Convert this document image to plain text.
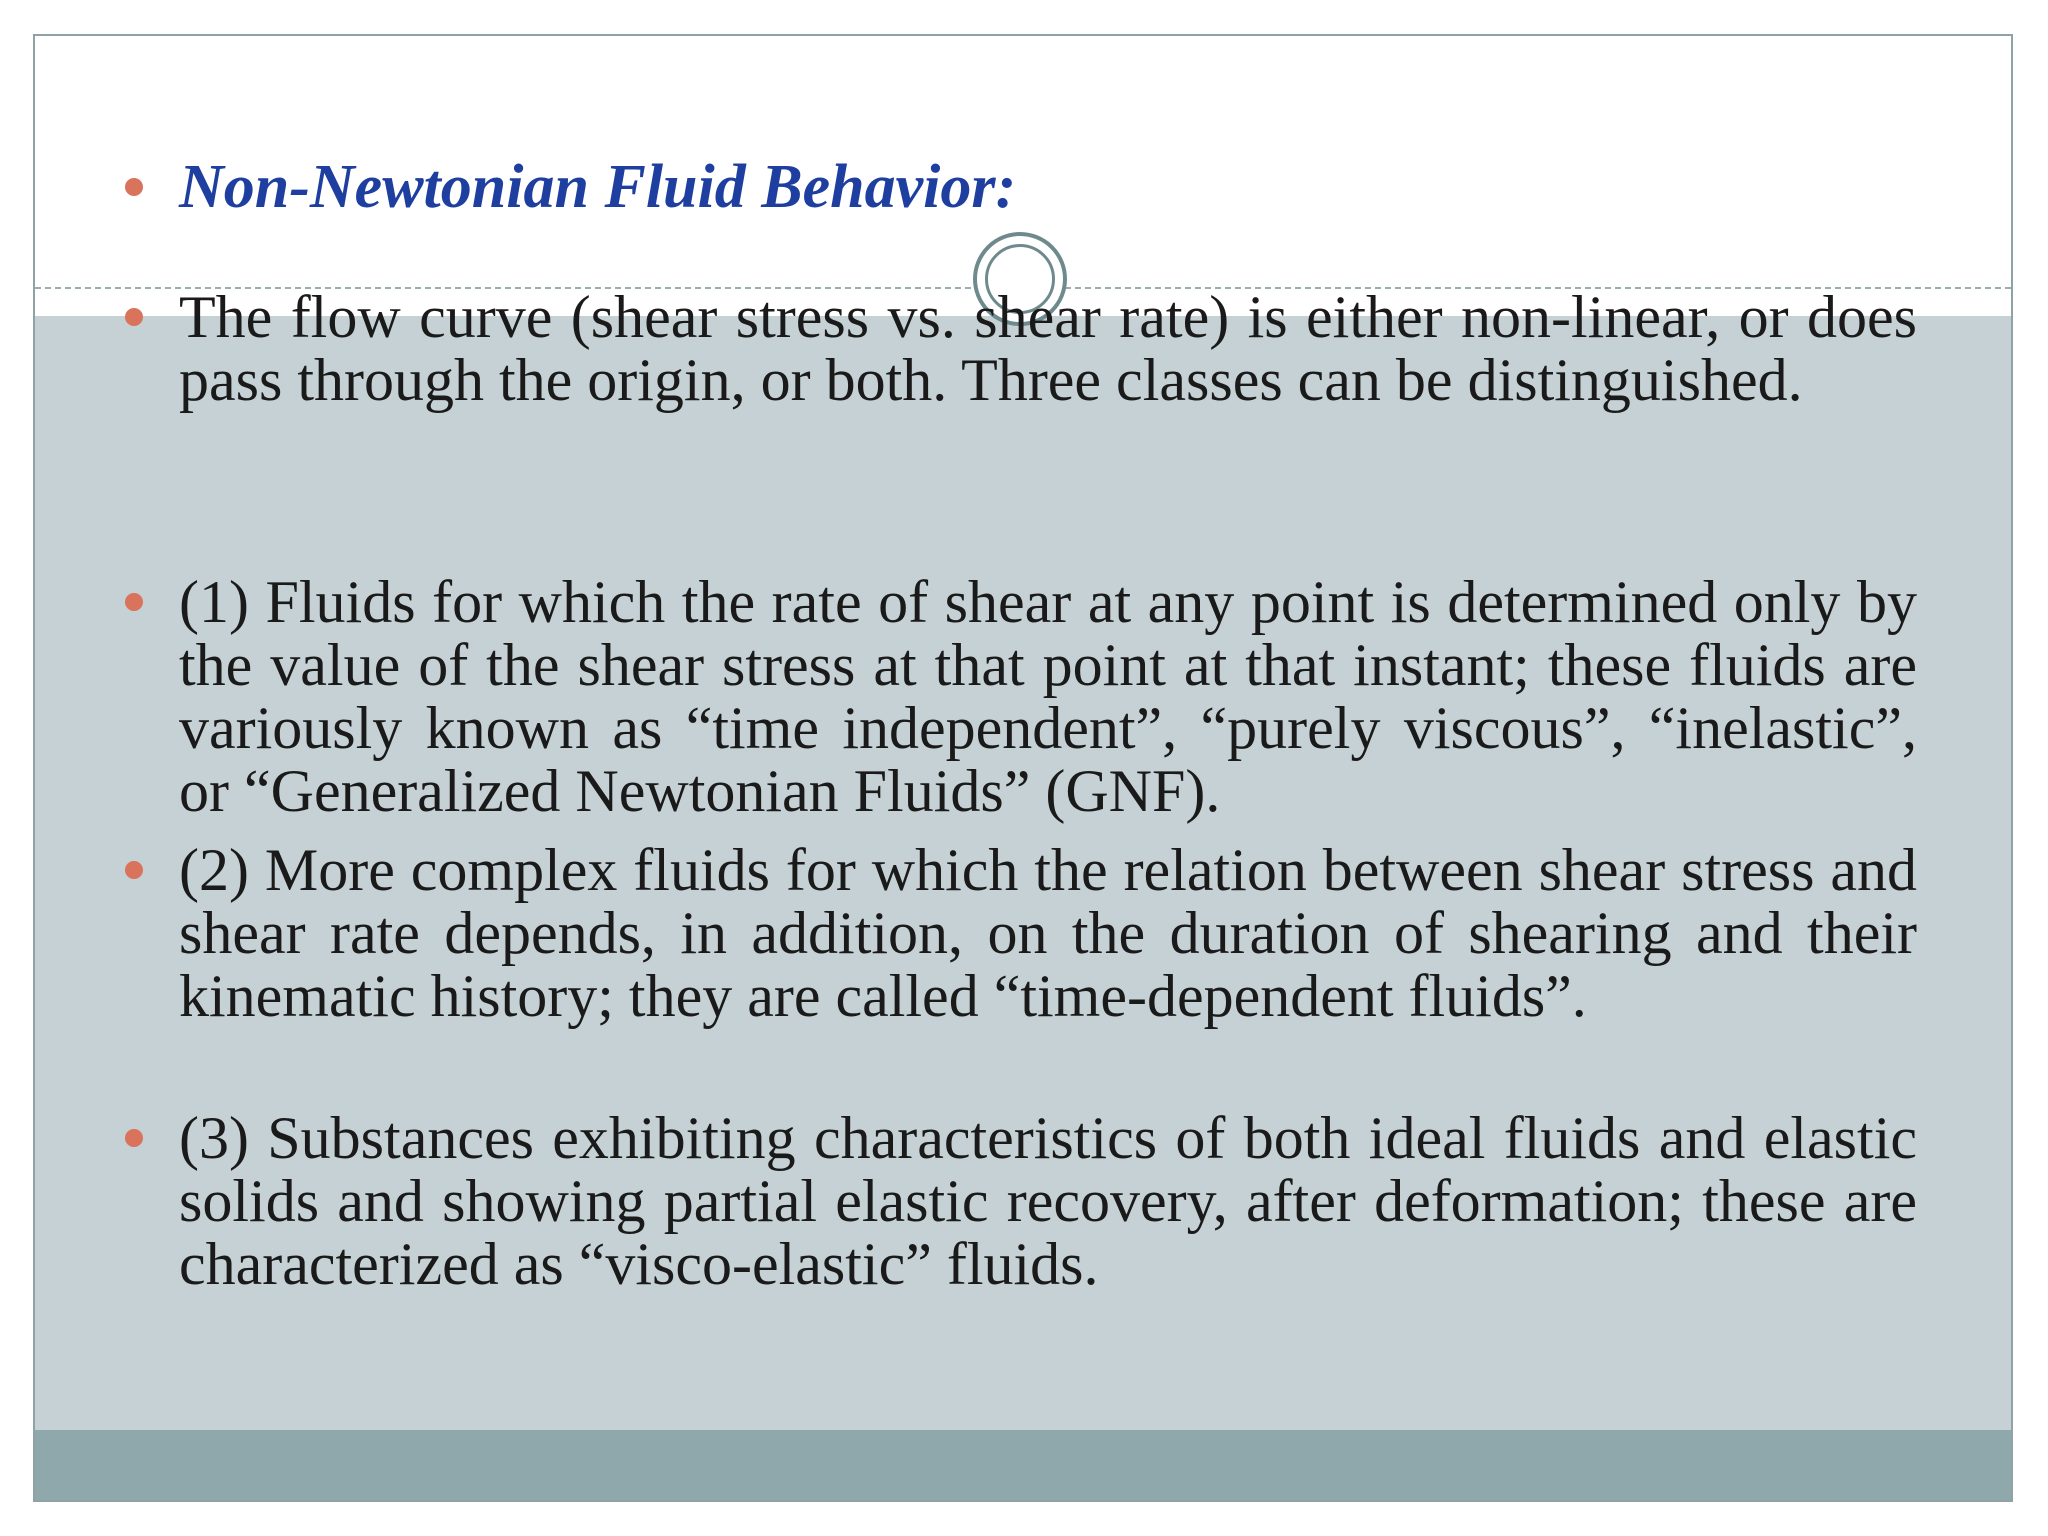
Non-Newtonian Fluid Behavior:
The flow curve (shear stress vs. shear rate) is either non-linear, or does pass through the origin, or both. Three classes can be distinguished.
(1) Fluids for which the rate of shear at any point is determined only by the value of the shear stress at that point at that instant; these fluids are variously known as “time independent”, “purely viscous”, “inelastic”, or “Generalized Newtonian Fluids” (GNF).
(2) More complex fluids for which the relation between shear stress and shear rate depends, in addition, on the duration of shearing and their kinematic history; they are called “time-dependent fluids”.
(3) Substances exhibiting characteristics of both ideal fluids and elastic solids and showing partial elastic recovery, after deformation; these are characterized as “visco-elastic” fluids.
